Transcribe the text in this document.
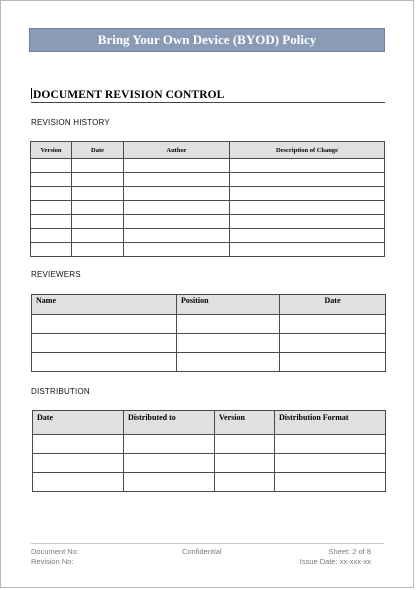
Bring Your Own Device (BYOD) Policy
DOCUMENT REVISION CONTROL
REVISION HISTORY
Version	Date	Author	Description of Change

REVIEWERS
Name	Position	Date

DISTRIBUTION
Date	Distributed to	Version	Distribution Format

Document No:
Revision No:
Confidential	Sheet: 2 of 8
Issue Date: xx-xxx-xx
